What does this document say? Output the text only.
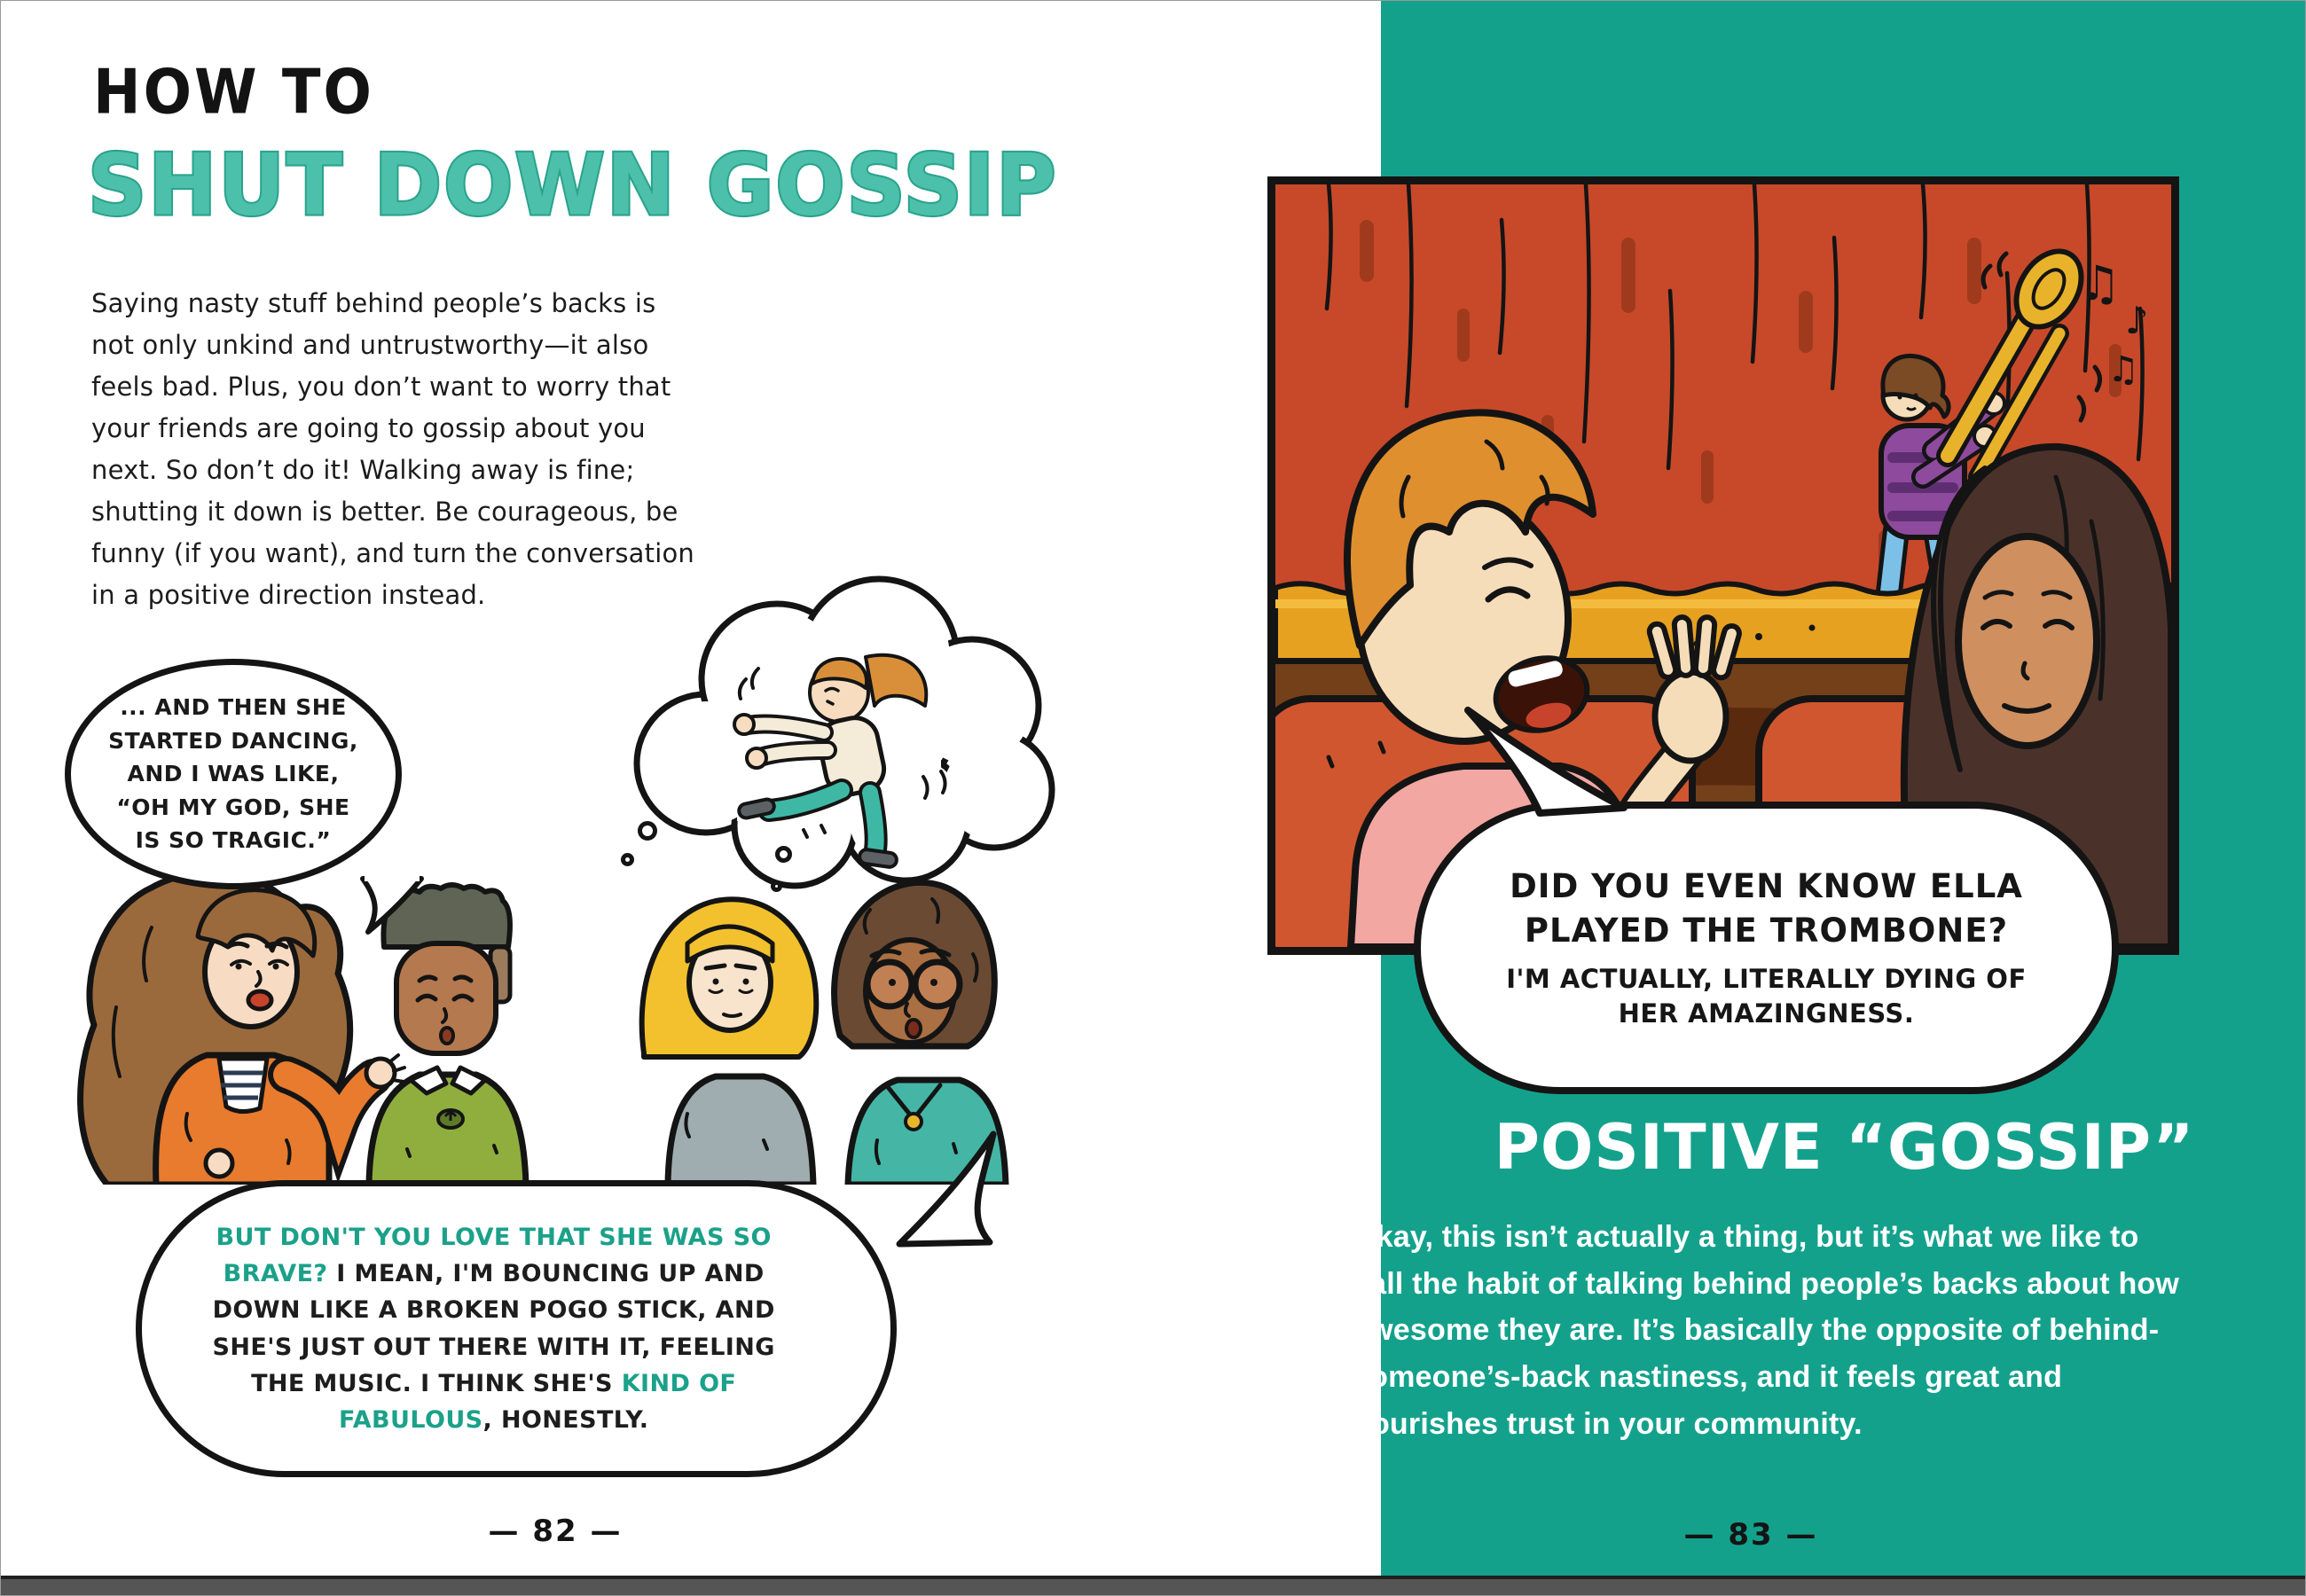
HOW TO
SHUT DOWN GOSSIP
Saying nasty stuff behind people’s backs is not only unkind and untrustworthy—it also feels bad. Plus, you don’t want to worry that your friends are going to gossip about you next. So don’t do it! Walking away is fine; shutting it down is better. Be courageous, be funny (if you want), and turn the conversation in a positive direction instead.
... AND THEN SHE STARTED DANCING, AND I WAS LIKE, “OH MY GOD, SHE IS SO TRAGIC.”
BUT DON'T YOU LOVE THAT SHE WAS SO BRAVE? I MEAN, I'M BOUNCING UP AND DOWN LIKE A BROKEN POGO STICK, AND SHE'S JUST OUT THERE WITH IT, FEELING THE MUSIC. I THINK SHE'S KIND OF FABULOUS, HONESTLY.
— 82 —
♫
♪
♫
DID YOU EVEN KNOW ELLA PLAYED THE TROMBONE?
I'M ACTUALLY, LITERALLY DYING OF HER AMAZINGNESS.
POSITIVE “GOSSIP”
Okay, this isn’t actually a thing, but it’s what we like to call the habit of talking behind people’s backs about how awesome they are. It’s basically the opposite of behind-someone’s-back nastiness, and it feels great and nourishes trust in your community.
— 83 —
